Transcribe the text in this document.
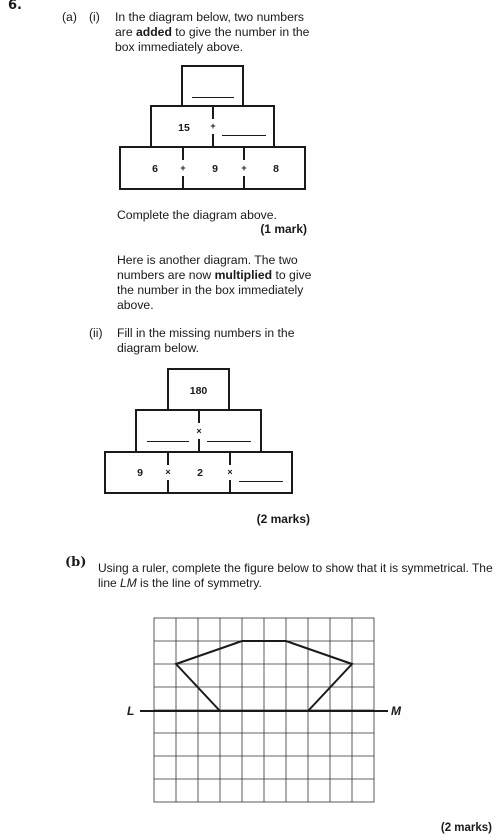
6.
(a) (i) In the diagram below, two numbers are added to give the number in the box immediately above.
15	+
6	+	9	+	8
Complete the diagram above.
(1 mark)
Here is another diagram. The two numbers are now multiplied to give the number in the box immediately above.
(ii) Fill in the missing numbers in the diagram below.
180
×
9	×	2	×
(2 marks)
(b) Using a ruler, complete the figure below to show that it is symmetrical. The line LM is the line of symmetry.
L	M
(2 marks)
